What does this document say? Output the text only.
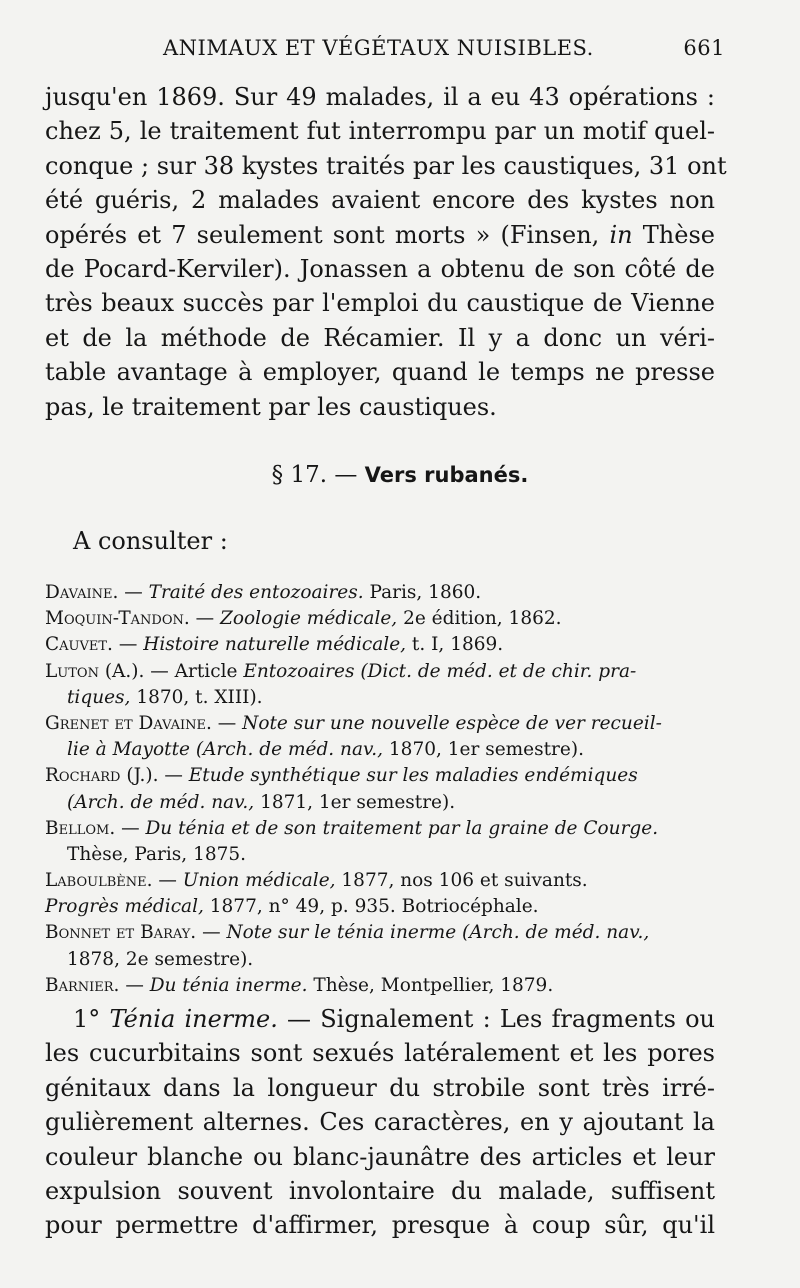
ANIMAUX ET VÉGÉTAUX NUISIBLES.	661
jusqu'en 1869. Sur 49 malades, il a eu 43 opérations :
chez 5, le traitement fut interrompu par un motif quel-
conque ; sur 38 kystes traités par les caustiques, 31 ont
été guéris, 2 malades avaient encore des kystes non
opérés et 7 seulement sont morts » (Finsen, in Thèse
de Pocard-Kerviler). Jonassen a obtenu de son côté de
très beaux succès par l'emploi du caustique de Vienne
et de la méthode de Récamier. Il y a donc un véri-
table avantage à employer, quand le temps ne presse
pas, le traitement par les caustiques.
§ 17. — Vers rubanés.
A consulter :
Davaine. — Traité des entozoaires. Paris, 1860.
Moquin-Tandon. — Zoologie médicale, 2e édition, 1862.
Cauvet. — Histoire naturelle médicale, t. I, 1869.
Luton (A.). — Article Entozoaires (Dict. de méd. et de chir. pra-
tiques, 1870, t. XIII).
Grenet et Davaine. — Note sur une nouvelle espèce de ver recueil-
lie à Mayotte (Arch. de méd. nav., 1870, 1er semestre).
Rochard (J.). — Etude synthétique sur les maladies endémiques
(Arch. de méd. nav., 1871, 1er semestre).
Bellom. — Du ténia et de son traitement par la graine de Courge.
Thèse, Paris, 1875.
Laboulbène. — Union médicale, 1877, nos 106 et suivants.
Progrès médical, 1877, n° 49, p. 935. Botriocéphale.
Bonnet et Baray. — Note sur le ténia inerme (Arch. de méd. nav.,
1878, 2e semestre).
Barnier. — Du ténia inerme. Thèse, Montpellier, 1879.
1° Ténia inerme. — Signalement : Les fragments ou
les cucurbitains sont sexués latéralement et les pores
génitaux dans la longueur du strobile sont très irré-
gulièrement alternes. Ces caractères, en y ajoutant la
couleur blanche ou blanc-jaunâtre des articles et leur
expulsion souvent involontaire du malade, suffisent
pour permettre d'affirmer, presque à coup sûr, qu'il
